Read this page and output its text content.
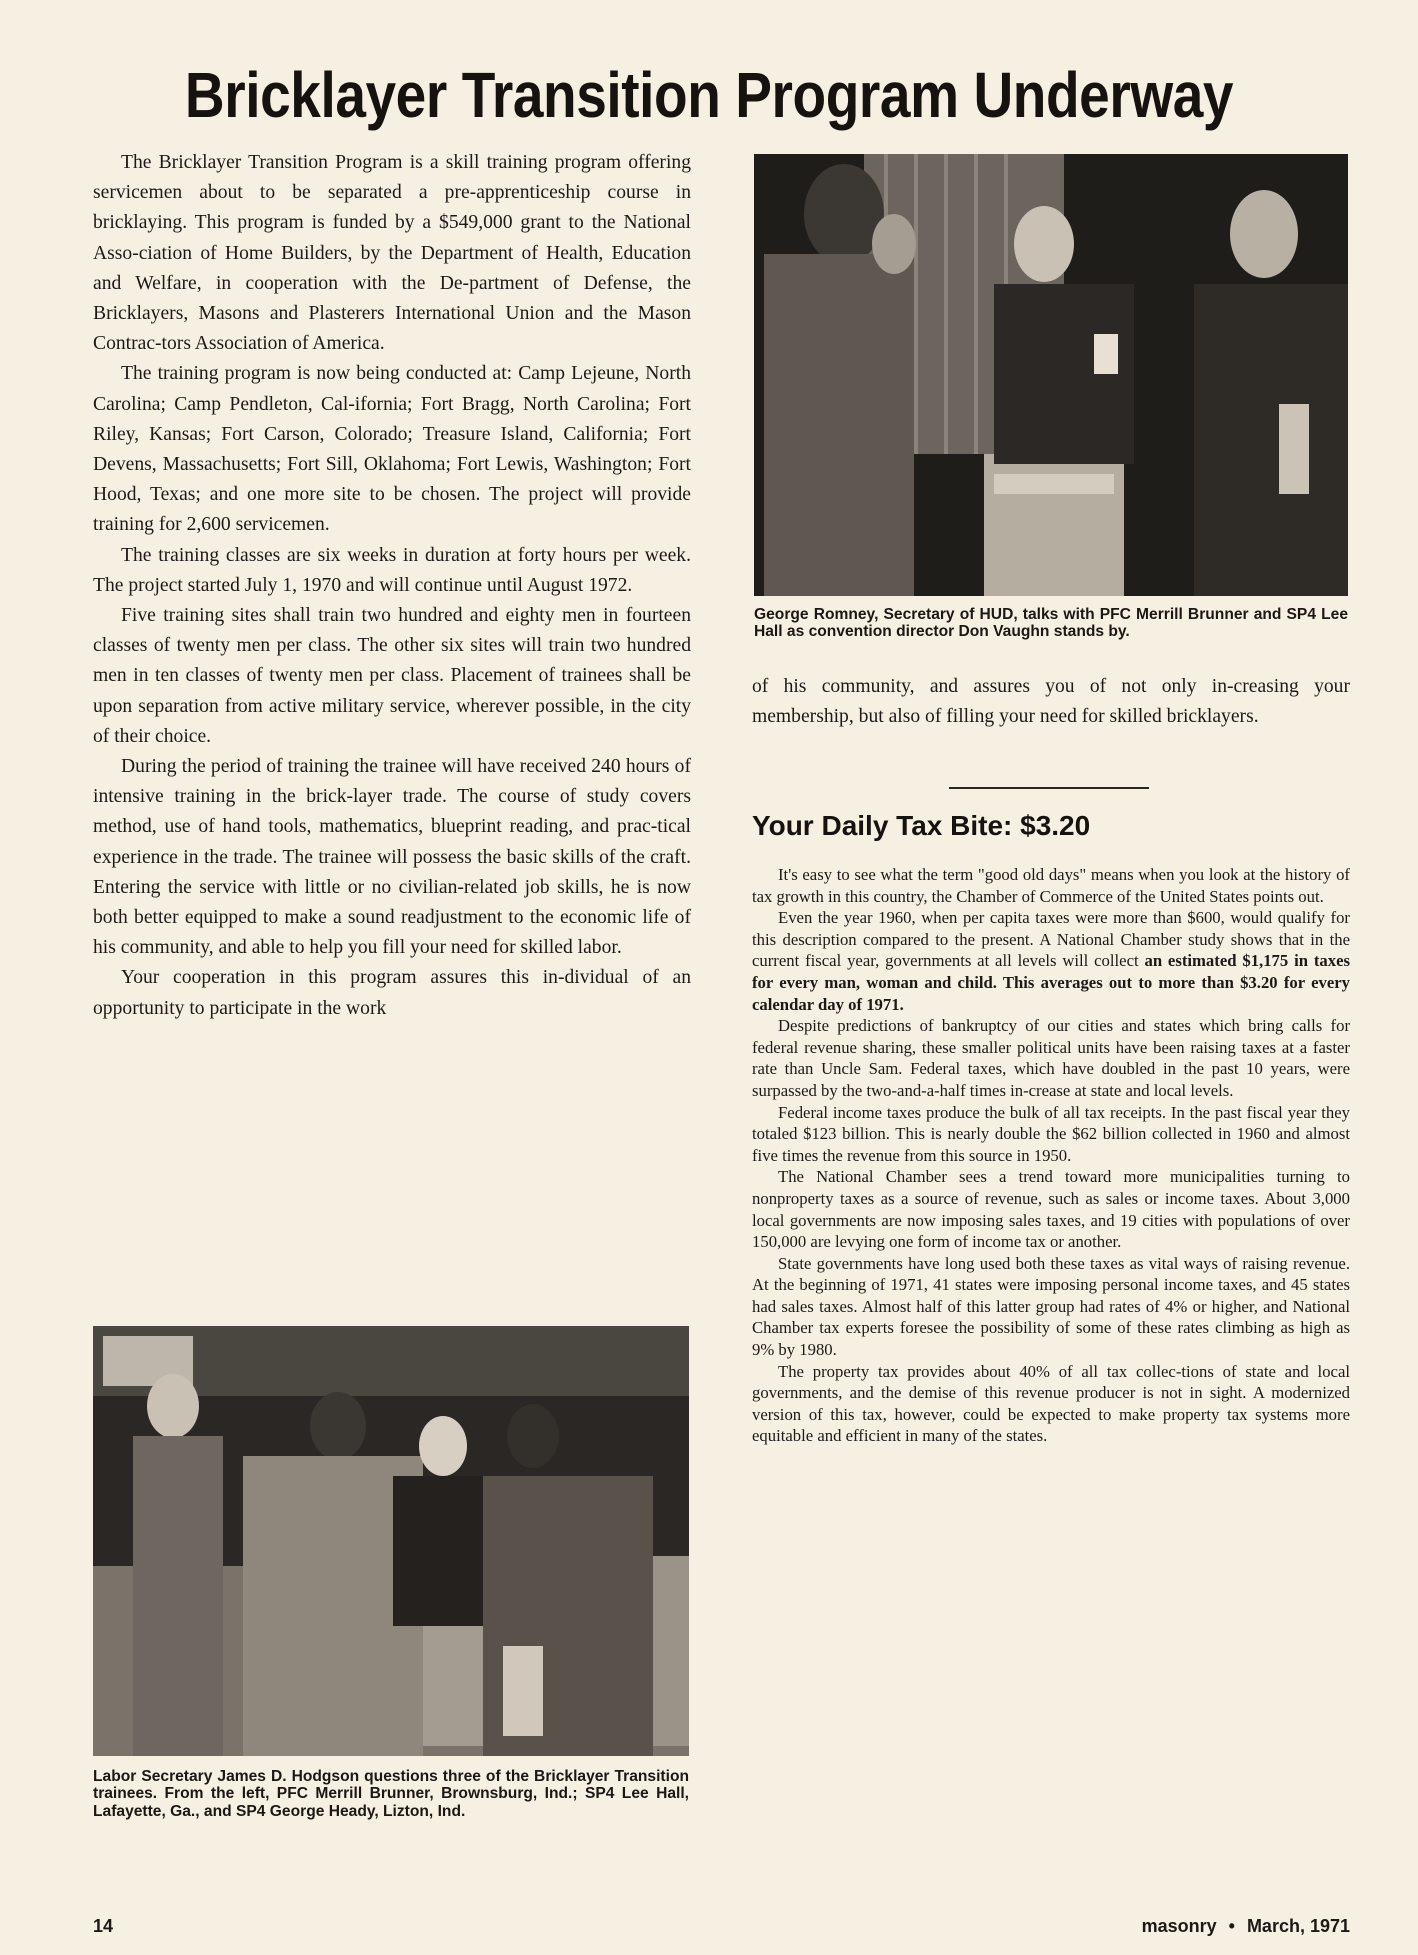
Bricklayer Transition Program Underway

The Bricklayer Transition Program is a skill training program offering servicemen about to be separated a pre-apprenticeship course in bricklaying. This program is funded by a $549,000 grant to the National Asso-ciation of Home Builders, by the Department of Health, Education and Welfare, in cooperation with the De-partment of Defense, the Bricklayers, Masons and Plasterers International Union and the Mason Contrac-tors Association of America.

The training program is now being conducted at: Camp Lejeune, North Carolina; Camp Pendleton, Cal-ifornia; Fort Bragg, North Carolina; Fort Riley, Kansas; Fort Carson, Colorado; Treasure Island, California; Fort Devens, Massachusetts; Fort Sill, Oklahoma; Fort Lewis, Washington; Fort Hood, Texas; and one more site to be chosen. The project will provide training for 2,600 servicemen.

The training classes are six weeks in duration at forty hours per week. The project started July 1, 1970 and will continue until August 1972.

Five training sites shall train two hundred and eighty men in fourteen classes of twenty men per class. The other six sites will train two hundred men in ten classes of twenty men per class. Placement of trainees shall be upon separation from active military service, wherever possible, in the city of their choice.

During the period of training the trainee will have received 240 hours of intensive training in the brick-layer trade. The course of study covers method, use of hand tools, mathematics, blueprint reading, and prac-tical experience in the trade. The trainee will possess the basic skills of the craft. Entering the service with little or no civilian-related job skills, he is now both better equipped to make a sound readjustment to the economic life of his community, and able to help you fill your need for skilled labor.

Your cooperation in this program assures this in-dividual of an opportunity to participate in the work

Labor Secretary James D. Hodgson questions three of the Bricklayer Transition trainees. From the left, PFC Merrill Brunner, Brownsburg, Ind.; SP4 Lee Hall, Lafayette, Ga., and SP4 George Heady, Lizton, Ind.

George Romney, Secretary of HUD, talks with PFC Merrill Brunner and SP4 Lee Hall as convention director Don Vaughn stands by.

of his community, and assures you of not only in-creasing your membership, but also of filling your need for skilled bricklayers.

Your Daily Tax Bite: $3.20

It's easy to see what the term "good old days" means when you look at the history of tax growth in this country, the Chamber of Commerce of the United States points out.

Even the year 1960, when per capita taxes were more than $600, would qualify for this description compared to the present. A National Chamber study shows that in the current fiscal year, governments at all levels will collect an estimated $1,175 in taxes for every man, woman and child. This averages out to more than $3.20 for every calendar day of 1971.

Despite predictions of bankruptcy of our cities and states which bring calls for federal revenue sharing, these smaller political units have been raising taxes at a faster rate than Uncle Sam. Federal taxes, which have doubled in the past 10 years, were surpassed by the two-and-a-half times in-crease at state and local levels.

Federal income taxes produce the bulk of all tax receipts. In the past fiscal year they totaled $123 billion. This is nearly double the $62 billion collected in 1960 and almost five times the revenue from this source in 1950.

The National Chamber sees a trend toward more municipalities turning to nonproperty taxes as a source of revenue, such as sales or income taxes. About 3,000 local governments are now imposing sales taxes, and 19 cities with populations of over 150,000 are levying one form of income tax or another.

State governments have long used both these taxes as vital ways of raising revenue. At the beginning of 1971, 41 states were imposing personal income taxes, and 45 states had sales taxes. Almost half of this latter group had rates of 4% or higher, and National Chamber tax experts foresee the possibility of some of these rates climbing as high as 9% by 1980.

The property tax provides about 40% of all tax collec-tions of state and local governments, and the demise of this revenue producer is not in sight. A modernized version of this tax, however, could be expected to make property tax systems more equitable and efficient in many of the states.

14	masonry • March, 1971
